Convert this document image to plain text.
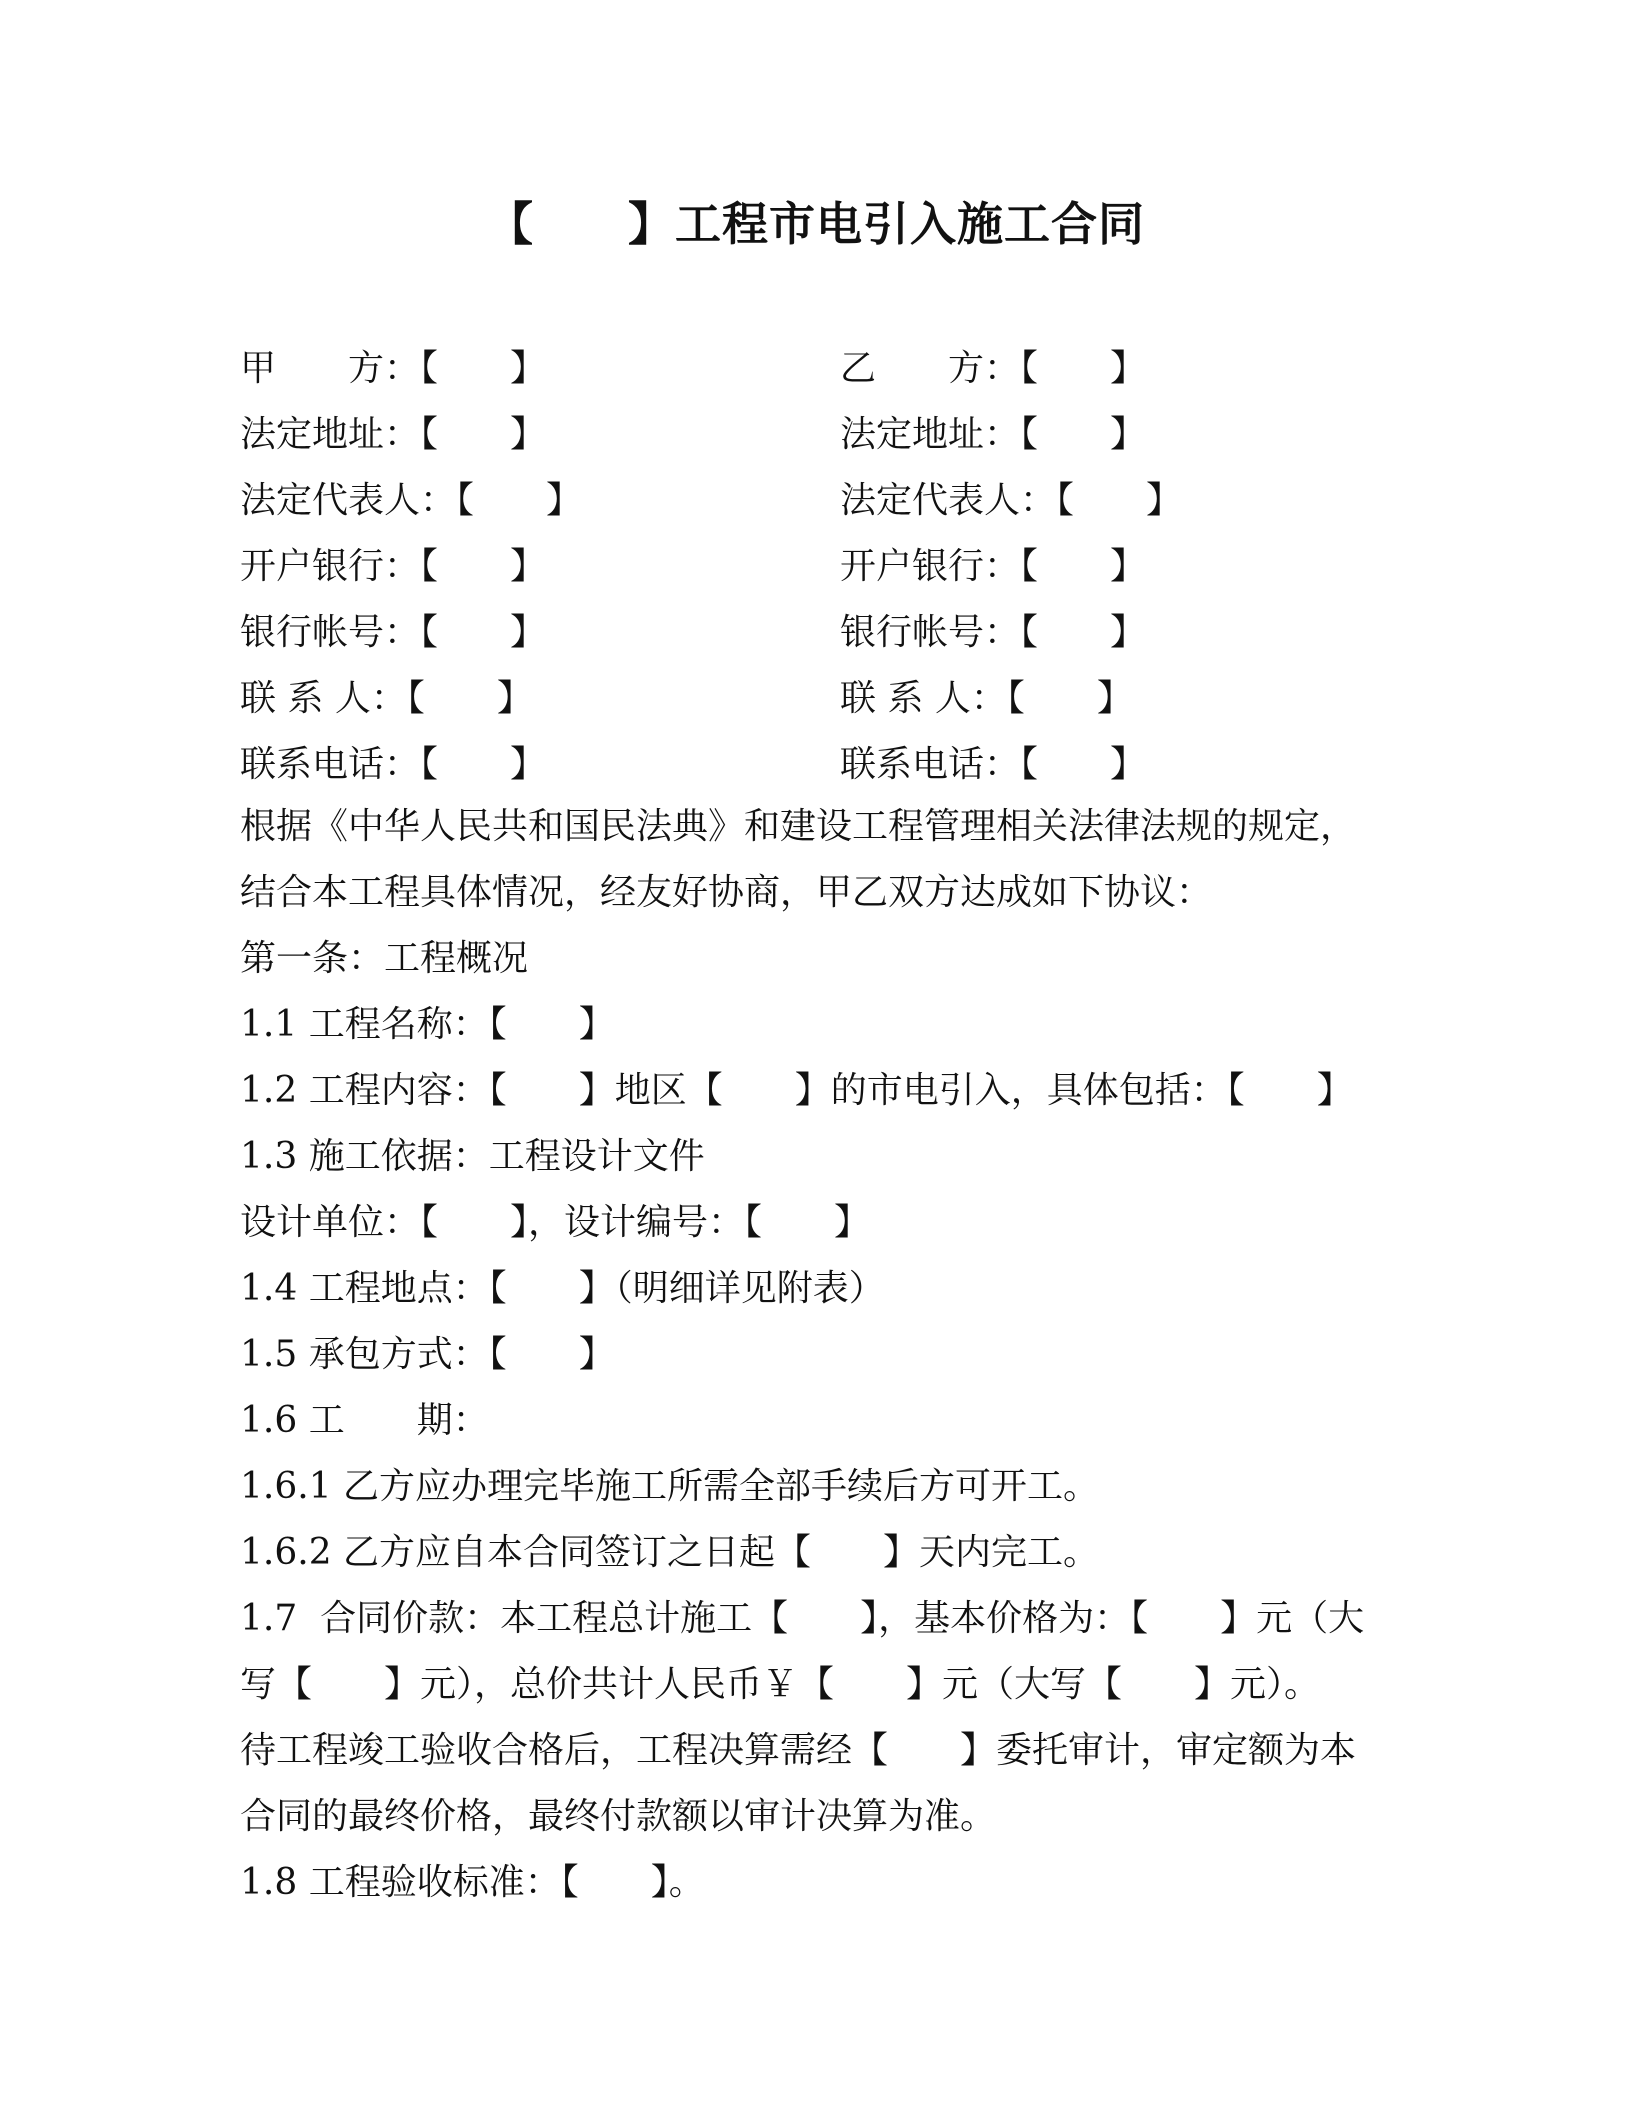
【　　】工程市电引入施工合同
甲　　方：【　　】	乙　　方：【　　】
法定地址：【　　】	法定地址：【　　】
法定代表人：【　　】	法定代表人：【　　】
开户银行：【　　】	开户银行：【　　】
银行帐号：【　　】	银行帐号：【　　】
联 系 人：【　　】	联 系 人：【　　】
联系电话：【　　】	联系电话：【　　】
根据《中华人民共和国民法典》和建设工程管理相关法律法规的规定，
结合本工程具体情况，经友好协商，甲乙双方达成如下协议：
第一条：工程概况
1.1 工程名称：【　　】
1.2 工程内容：【　　】地区【　　】的市电引入，具体包括：【　　】
1.3 施工依据：工程设计文件
设计单位：【　　】，设计编号：【　　】
1.4 工程地点：【　　】（明细详见附表）
1.5 承包方式：【　　】
1.6 工　　期：
1.6.1 乙方应办理完毕施工所需全部手续后方可开工。
1.6.2 乙方应自本合同签订之日起【　　】天内完工。
1.7  合同价款：本工程总计施工【　　】，基本价格为：【　　】元（大
写【　　】元），总价共计人民币￥【　　】元（大写【　　】元）。
待工程竣工验收合格后，工程决算需经【　　】委托审计，审定额为本
合同的最终价格，最终付款额以审计决算为准。
1.8 工程验收标准：【　　】。
